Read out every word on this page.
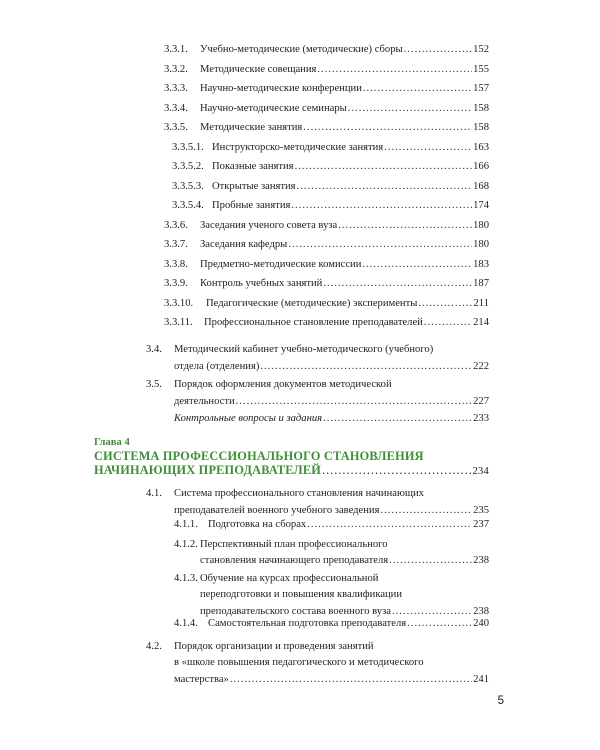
3.3.1.	Учебно-методические (методические) сборы .....	152
3.3.2.	Методические совещания .....	155
3.3.3.	Научно-методические конференции .....	157
3.3.4.	Научно-методические семинары .....	158
3.3.5.	Методические занятия .....	158
3.3.5.1. Инструкторско-методические занятия .....	163
3.3.5.2. Показные занятия .....	166
3.3.5.3. Открытые занятия .....	168
3.3.5.4. Пробные занятия .....	174
3.3.6.	Заседания ученого совета вуза .....	180
3.3.7.	Заседания кафедры .....	180
3.3.8.	Предметно-методические комиссии .....	183
3.3.9.	Контроль учебных занятий .....	187
3.3.10.	Педагогические (методические) эксперименты .....	211
3.3.11.	Профессиональное становление преподавателей .....	214
3.4.	Методический кабинет учебно-методического (учебного)
отдела (отделения) .....	222
3.5.	Порядок оформления документов методической
деятельности .....	227
Контрольные вопросы и задания .....	233
Глава 4
СИСТЕМА ПРОФЕССИОНАЛЬНОГО СТАНОВЛЕНИЯ
НАЧИНАЮЩИХ ПРЕПОДАВАТЕЛЕЙ .....	234
4.1.	Система профессионального становления начинающих
преподавателей военного учебного заведения .....	235
4.1.1. Подготовка на сборах .....	237
4.1.2. Перспективный план профессионального
становления начинающего преподавателя .....	238
4.1.3. Обучение на курсах профессиональной
переподготовки и повышения квалификации
преподавательского состава военного вуза .....	238
4.1.4. Самостоятельная подготовка преподавателя .....	240
4.2.	Порядок организации и проведения занятий
в «школе повышения педагогического и методического
мастерства» .....	241
5
